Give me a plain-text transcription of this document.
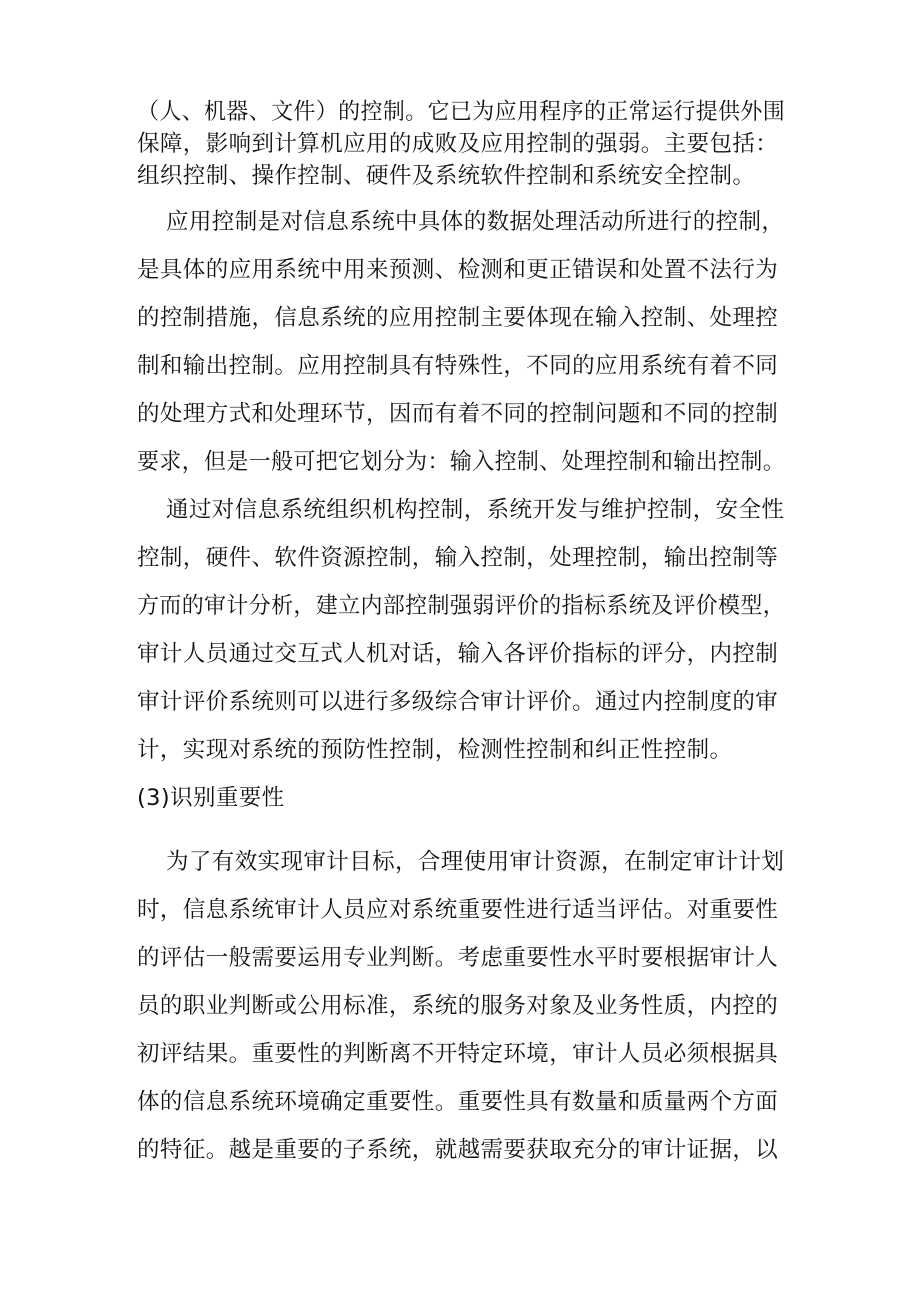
（人、机器、文件）的控制。它已为应用程序的正常运行提供外围
保障，影响到计算机应用的成败及应用控制的强弱。主要包括：
组织控制、操作控制、硬件及系统软件控制和系统安全控制。
应用控制是对信息系统中具体的数据处理活动所进行的控制，
是具体的应用系统中用来预测、检测和更正错误和处置不法行为
的控制措施，信息系统的应用控制主要体现在输入控制、处理控
制和输出控制。应用控制具有特殊性，不同的应用系统有着不同
的处理方式和处理环节，因而有着不同的控制问题和不同的控制
要求，但是一般可把它划分为：输入控制、处理控制和输出控制。
通过对信息系统组织机构控制，系统开发与维护控制，安全性
控制，硬件、软件资源控制，输入控制，处理控制，输出控制等
方而的审计分析，建立内部控制强弱评价的指标系统及评价模型，
审计人员通过交互式人机对话，输入各评价指标的评分，内控制
审计评价系统则可以进行多级综合审计评价。通过内控制度的审
计，实现对系统的预防性控制，检测性控制和纠正性控制。
(3)识别重要性
为了有效实现审计目标，合理使用审计资源，在制定审计计划
时，信息系统审计人员应对系统重要性进行适当评估。对重要性
的评估一般需要运用专业判断。考虑重要性水平时要根据审计人
员的职业判断或公用标准，系统的服务对象及业务性质，内控的
初评结果。重要性的判断离不开特定环境，审计人员必须根据具
体的信息系统环境确定重要性。重要性具有数量和质量两个方面
的特征。越是重要的子系统，就越需要获取充分的审计证据，以
